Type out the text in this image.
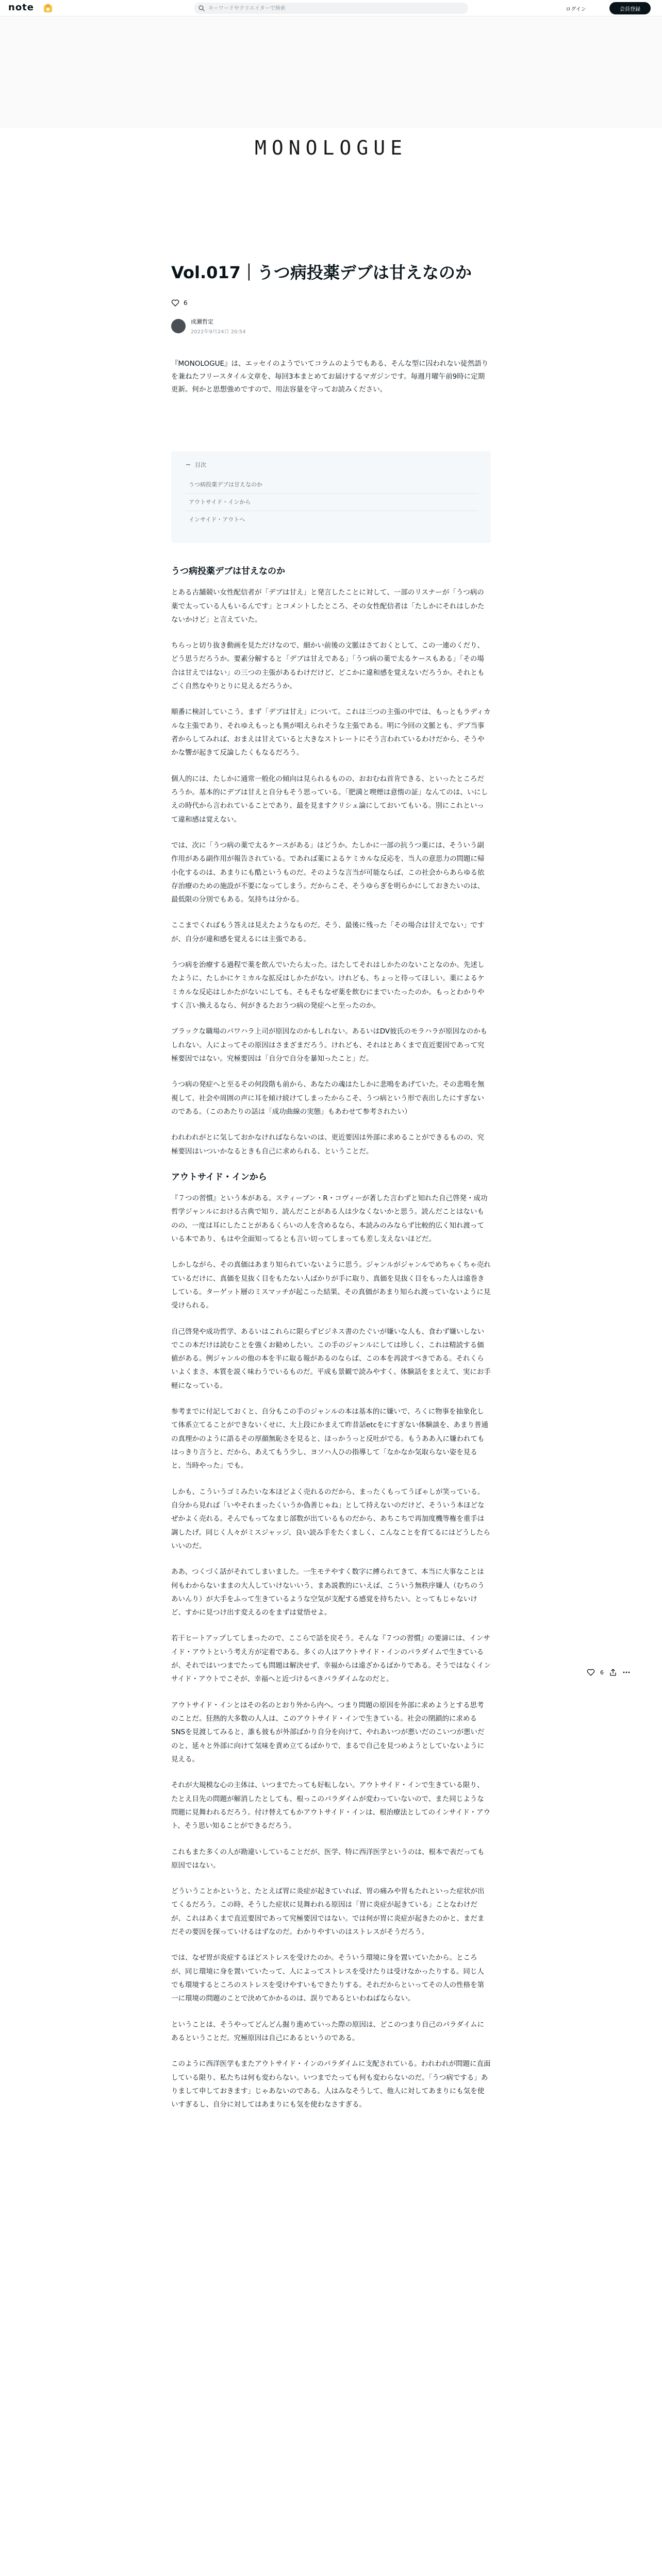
note
キーワードやクリエイターで検索	ログイン	会員登録
MONOLOGUE
Vol.017｜うつ病投薬デブは甘えなのか
6
成瀬哲定
2022年9月24日 20:54

『MONOLOGUE』は、エッセイのようでいてコラムのようでもある、そんな型に囚われない徒然語りを兼ねたフリースタイル文章を、毎回3本まとめてお届けするマガジンです。毎週月曜午前9時に定期更新。何かと思想強めですので、用法容量を守ってお読みください。

目次
うつ病投薬デブは甘えなのか
アウトサイド・インから
インサイド・アウトへ
うつ病投薬デブは甘えなのか

とある古舗競い女性配信者が「デブは甘え」と発言したことに対して、一部のリスナーが「うつ病の薬で太っている人もいるんです」とコメントしたところ、その女性配信者は「たしかにそれはしかたないかけど」と言えていた。

ちらっと切り抜き動画を見ただけなので、細かい前後の文脈はさておくとして、この一連のくだり、どう思うだろうか。要素分解すると「デブは甘えである」「うつ病の薬で太るケースもある」「その場合は甘えではない」の三つの主張があるわけだけど、どこかに違和感を覚えないだろうか。それともごく自然なやりとりに見えるだろうか。

順番に検討していこう。まず「デブは甘え」について。これは三つの主張の中では、もっともラディカルな主張であり、それゆえもっとも異が唱えられそうな主張である。明に今回の文脈とも、デブ当事者からしてみれば、おまえは甘えていると大きなストレートにそう言われているわけだから、そうやかな響が起きて反論したくもなるだろう。

個人的には、たしかに通常一般化の傾向は見られるものの、おおむね首肯できる、といったところだろうか。基本的にデブは甘えと自分もそう思っている。「肥満と喫煙は意惰の証」なんてのは、いにしえの時代から言われていることであり、最を見ますクリシェ論にしておいてもいる。別にこれといって違和感は覚えない。

では、次に「うつ病の薬で太るケースがある」はどうか。たしかに一部の抗うつ薬には、そういう副作用がある副作用が報告されている。であれば薬によるケミカルな反応を、当人の意思力の問題に帰小化するのは、あまりにも酷というものだ。そのような言当が可能ならば、この社会からあらゆる依存治療のための施設が不要になってしまう。だからこそ、そうゆらぎを明らかにしておきたいのは、最低限の分別でもある。気持ちは分かる。

ここまでくればもう答えは見えたようなものだ。そう、最後に残った「その場合は甘えでない」ですが、自分が違和感を覚えるには主張である。

うつ病を治療する過程で薬を飲んでいたら太った。はたしてそれはしかたのないことなのか。先述したように、たしかにケミカルな拡反はしかたがない。けれども、ちょっと待ってほしい。薬によるケミカルな反応はしかたがないにしても、そもそもなぜ薬を飲むにまでいたったのか。もっとわかりやすく言い換えるなら、何がきるたおうつ病の発症へと至ったのか。

ブラックな職場のパワハラ上司が原因なのかもしれない。あるいはDV彼氏のモラハラが原因なのかもしれない。人によってその原因はさまざまだろう。けれども、それはとあくまで直近要因であって究極要因ではない。究極要因は「自分で自分を暴知ったこと」だ。

うつ病の発症へと至るその何段階も前から、あなたの魂はたしかに悲鳴をあげていた。その悲鳴を無視して、社会や周囲の声に耳を傾け続けてしまったからこそ、うつ病という形で表出したにすぎないのである。（このあたりの話は「成功曲線の実態」もあわせて参考されたい）

われわれがとに気しておかなければならないのは、更近要因は外部に求めることができるものの、究極要因はいついかなるときも自己に求められる、ということだ。

アウトサイド・インから

『７つの習慣』という本がある。スティーブン・R・コヴィーが著した言わずと知れた自己啓発・成功哲学ジャンルにおける古典で知り、読んだことがある人は少なくないかと思う。読んだことはないものの、一度は耳にしたことがあるくらいの人を含めるなら、本読みのみならず比較的広く知れ渡っている本であり、もはや全面知ってるとも言い切ってしまっても差し支えないほどだ。

しかしながら、その真価はあまり知られていないように思う。ジャンルがジャンルでめちゃくちゃ売れているだけに、真価を見抜く目をもたない人ばかりが手に取り、真価を見抜く目をもった人は遠巻きしている。ターゲット層のミスマッチが起こった結果、その真価があまり知られ渡っていないように見受けられる。

自己啓発や成功哲学、あるいはこれらに限らずビジネス書のたぐいが嫌いな人も、食わず嫌いしないでこの本だけは読むことを強くお勧めしたい。この手のジャンルにしては珍しく、これは精読する価値がある。例ジャンルの他の本を半に取る報があるのならば、この本を再読すべきである。それくらいよくまさ、本質を説く味わうでいるものだ。平成も景観で読みやすく、体験話をまとえて、実にお手軽になっている。

参考までに付記しておくと、自分もこの手のジャンルの本は基本的に嫌いで、ろくに物事を抽象化して体系立てることができないくせに、大上段にかまえて昨昔話etcをにすぎない体験談を、あまり普通の真理かのように語るその厚顔無恥さを見ると、ほっかうっと反吐がでる。もうああ入に嫌われてもはっきり言うと、だから、あえてもう少し、ヨソハ人ひの指導して「なかなか気取らない姿を見ると、当時やった」でも。

しかも、こういうゴミみたいな本ほどよく売れるのだから、まったくもってうぽゃしが笑っている。自分から見れば「いやそれまったくいうか偽善じゃね」として持えないのだけど、そういう本ほどなぜかよく売れる。そんでもってなまじ部数が出ているものだから、あちこちで再加度機等権を重手は調したげ。同じく人々がミスジャッジ、良い読み手をたくましく、こんなことを育てるにはどうしたらいいのだ。

ああ、つくづく話がそれてしまいました。一生モテやすく数字に縛られてきて、本当に大事なことは何もわからないままの大人していけないいう、まあ説教的にいえば、こういう無秩序嫌人（むちのうあいんり）が大手をふって生きているような空気が支配する感覚を持ちたい。とってもじゃないけど、すかに見つけ出す変えるのをまずは覚悟せよ。

若干ヒートアップしてしまったので、ここらで話を戻そう。そんな『７つの習慣』の要諦には、インサイド・アウトという考え方が定着である。多くの人はアウトサイド・インのパラダイムで生きているが、それではいつまでたっても問題は解決せず、幸福からは遠ざかるばかりである。そうではなくインサイド・アウトでこそが、幸福へと近づけるべきパラダイムなのだと。

アウトサイド・インとはその名のとおり外から内へ。つまり問題の原因を外部に求めようとする思考のことだ。狂熱的大多数の人人は、このアウトサイド・インで生きている。社会の閉鎖的に求めるSNSを見渡してみると、誰も彼もが外部ばかり自分を向けて、やれあいつが悪いだのこいつが悪いだのと、延々と外部に向けて気味を責め立てるばかりで、まるで自己を見つめようとしていないように見える。

それが大規模な心の主体は、いつまでたっても好転しない。アウトサイド・インで生きている限り、たとえ目先の問題が解消したとしても、根っこのパラダイムが変わっていないので、また同じような問題に見舞われるだろう。付け替えてもかアウトサイド・インは、根治療法としてのインサイド・アウト、そう思い知ることができるだろう。

これもまた多くの人が勘違いしていることだが、医学、特に西洋医学というのは、根本で表だっても原因ではない。

どういうことかというと、たとえば胃に炎症が起きていれば、胃の痛みや胃もたれといった症状が出てくるだろう。この時、そうした症状に見舞われる原因は「胃に炎症が起きている」ことなわけだが、これはあくまで直近要因であって究極要因ではない。では何が胃に炎症が起きたのかと、まだまだその要因を探っていけるはずなのだ。わかりやすいのはストレスがそうだろう。

では、なぜ胃が炎症するほどストレスを受けたのか。そういう環境に身を置いていたから。ところが、同じ環境に身を置いていたって、人によってストレスを受けたりは受けなかったりする。同じ人でも環境するところのストレスを受けやすいもできたりする。それだからといってその人の性格を第一に環境の問題のことで決めてかかるのは、誤りであるといわねばならない。

ということは、そうやってどんどん掘り進めていった際の原因は、どこのつまり自己のパラダイムにあるということだ。究極原因は自己にあるというのである。

このように西洋医学もまたアウトサイド・インのパラダイムに支配されている。われわれが問題に直面している限り、私たちは何も変わらない。いつまでたっても何も変わらないのだ。「うつ病でする」ありまして申しておきます」じゃあないのである。人はみなそうして、他人に対してあまりにも気を使いすぎるし、自分に対してはあまりにも気を使わなさすぎる。

6
